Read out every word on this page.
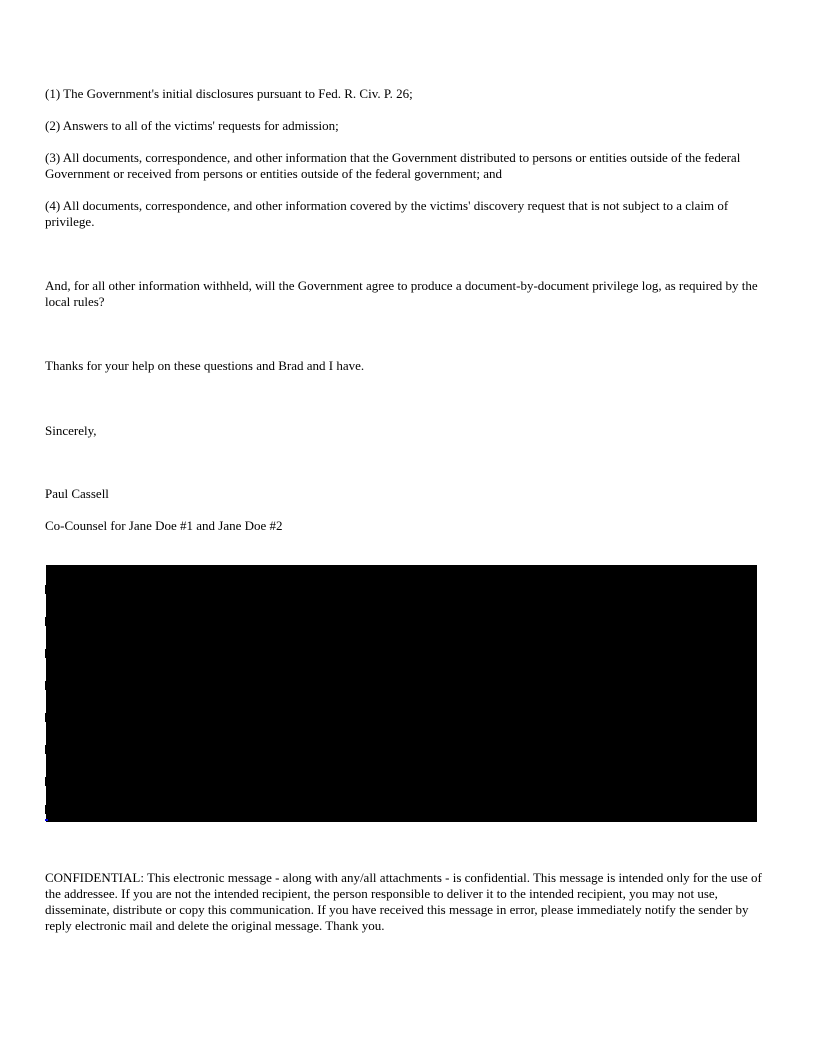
(1) The Government's initial disclosures pursuant to Fed. R. Civ. P. 26;

(2) Answers to all of the victims' requests for admission;

(3) All documents, correspondence, and other information that the Government distributed to persons or entities outside of the federal Government or received from persons or entities outside of the federal government; and

(4) All documents, correspondence, and other information covered by the victims' discovery request that is not subject to a claim of privilege.

And, for all other information withheld, will the Government agree to produce a document-by-document privilege log, as required by the local rules?

Thanks for your help on these questions and Brad and I have.

Sincerely,

Paul Cassell

Co-Counsel for Jane Doe #1 and Jane Doe #2

CONFIDENTIAL: This electronic message - along with any/all attachments - is confidential. This message is intended only for the use of the addressee. If you are not the intended recipient, the person responsible to deliver it to the intended recipient, you may not use, disseminate, distribute or copy this communication. If you have received this message in error, please immediately notify the sender by reply electronic mail and delete the original message. Thank you.
